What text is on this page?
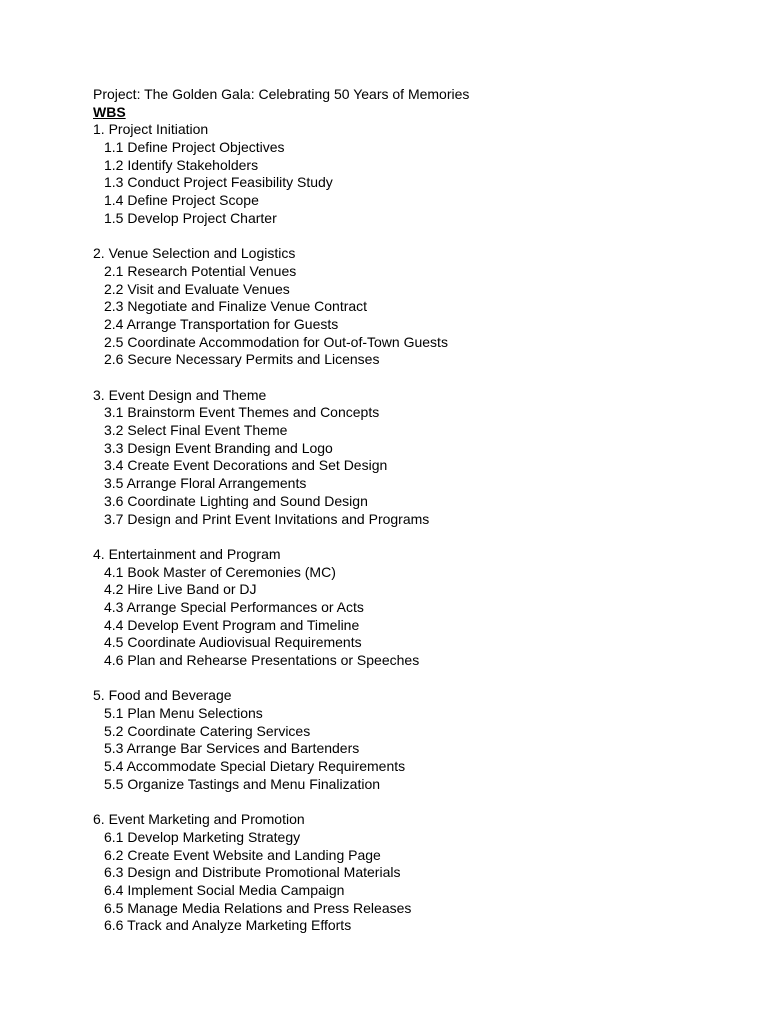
Project: The Golden Gala: Celebrating 50 Years of Memories
WBS
1. Project Initiation
1.1 Define Project Objectives
1.2 Identify Stakeholders
1.3 Conduct Project Feasibility Study
1.4 Define Project Scope
1.5 Develop Project Charter
2. Venue Selection and Logistics
2.1 Research Potential Venues
2.2 Visit and Evaluate Venues
2.3 Negotiate and Finalize Venue Contract
2.4 Arrange Transportation for Guests
2.5 Coordinate Accommodation for Out-of-Town Guests
2.6 Secure Necessary Permits and Licenses
3. Event Design and Theme
3.1 Brainstorm Event Themes and Concepts
3.2 Select Final Event Theme
3.3 Design Event Branding and Logo
3.4 Create Event Decorations and Set Design
3.5 Arrange Floral Arrangements
3.6 Coordinate Lighting and Sound Design
3.7 Design and Print Event Invitations and Programs
4. Entertainment and Program
4.1 Book Master of Ceremonies (MC)
4.2 Hire Live Band or DJ
4.3 Arrange Special Performances or Acts
4.4 Develop Event Program and Timeline
4.5 Coordinate Audiovisual Requirements
4.6 Plan and Rehearse Presentations or Speeches
5. Food and Beverage
5.1 Plan Menu Selections
5.2 Coordinate Catering Services
5.3 Arrange Bar Services and Bartenders
5.4 Accommodate Special Dietary Requirements
5.5 Organize Tastings and Menu Finalization
6. Event Marketing and Promotion
6.1 Develop Marketing Strategy
6.2 Create Event Website and Landing Page
6.3 Design and Distribute Promotional Materials
6.4 Implement Social Media Campaign
6.5 Manage Media Relations and Press Releases
6.6 Track and Analyze Marketing Efforts
